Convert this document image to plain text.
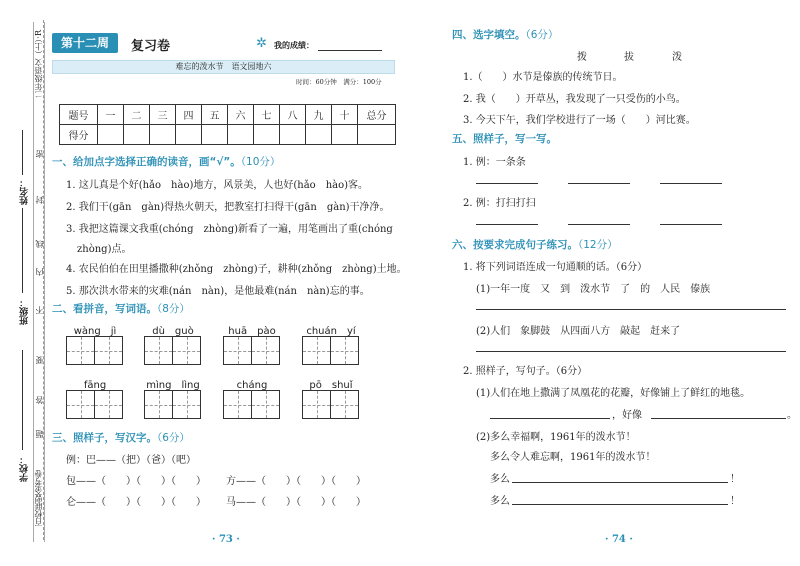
二年级语文（上）·R
百校联盟金考卷
密
封
线
内
不
要
答
题
姓名：
班级：
学校：
第十二周	复习卷	✲ 我的成绩：
难忘的泼水节　语文园地六
时间：60分钟　满分：100分
题号	一	二	三	四	五	六	七	八	九	十	总分
得分											
一、给加点字选择正确的读音，画“√”。（10分）
1. 这儿真是个好(hǎo　hào)地方，风景美，人也好(hǎo　hào)客。
2. 我们干(gān　gàn)得热火朝天，把教室打扫得干(gān　gàn)干净净。
3. 我把这篇课文我重(chóng　zhòng)新看了一遍，用笔画出了重(chóng
zhòng)点。
4. 农民伯伯在田里播撒种(zhǒng　zhòng)子，耕种(zhǒng　zhòng)土地。
5. 那次洪水带来的灾难(nán　nàn)，是他最难(nán　nàn)忘的事。
二、看拼音，写词语。（8分）
wàng　jì	dù　guò	huā　pào	chuán　yí
fāng　	mìng　lìng	cháng　	pō　shuǐ
三、照样子，写汉字。（6分）
例：巴——（把）（爸）（吧）
包——（　　）（　　）（　　） 方——（　　）（　　）（　　）
仑——（　　）（　　）（　　） 马——（　　）（　　）（　　）
· 73 ·
四、选字填空。（6分）
拨	拔	泼
1.（　　）水节是傣族的传统节日。
2. 我（　　）开草丛，我发现了一只受伤的小鸟。
3. 今天下午，我们学校进行了一场（　　）河比赛。
五、照样子，写一写。
1. 例：一条条
2. 例：打扫打扫
六、按要求完成句子练习。（12分）
1. 将下列词语连成一句通顺的话。（6分）
(1)一年一度　又　到　泼水节　了　的　人民　傣族
(2)人们　象脚鼓　从四面八方　敲起　赶来了
2. 照样子，写句子。（6分）
(1)人们在地上撒满了凤凰花的花瓣，好像铺上了鲜红的地毯。
，好像	。
(2)多么幸福啊，1961年的泼水节！
多么令人难忘啊，1961年的泼水节！
多么	！
多么	！
· 74 ·
